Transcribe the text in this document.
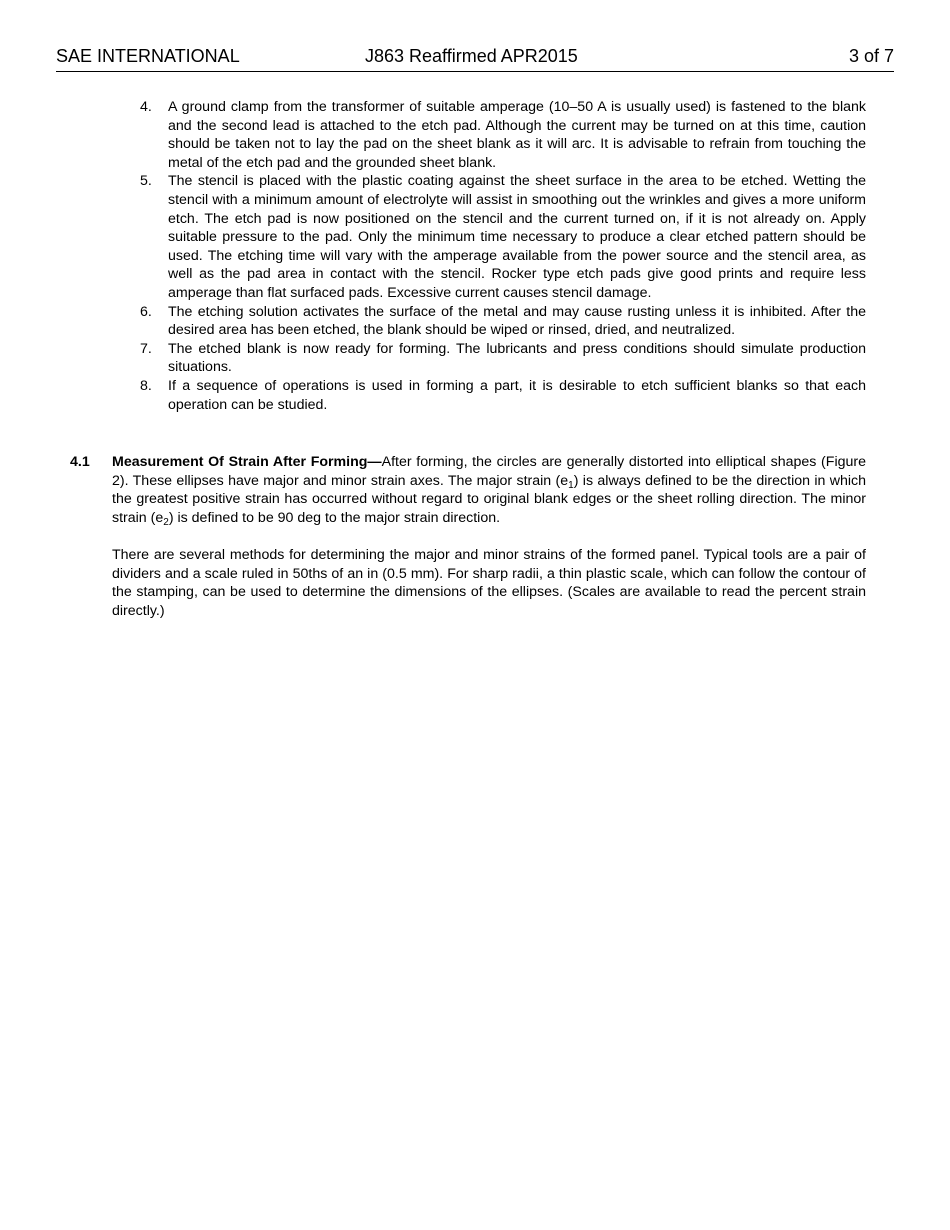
SAE INTERNATIONAL	J863 Reaffirmed APR2015	3 of 7
4. A ground clamp from the transformer of suitable amperage (10–50 A is usually used) is fastened to the blank and the second lead is attached to the etch pad. Although the current may be turned on at this time, caution should be taken not to lay the pad on the sheet blank as it will arc. It is advisable to refrain from touching the metal of the etch pad and the grounded sheet blank.
5. The stencil is placed with the plastic coating against the sheet surface in the area to be etched. Wetting the stencil with a minimum amount of electrolyte will assist in smoothing out the wrinkles and gives a more uniform etch. The etch pad is now positioned on the stencil and the current turned on, if it is not already on. Apply suitable pressure to the pad. Only the minimum time necessary to produce a clear etched pattern should be used. The etching time will vary with the amperage available from the power source and the stencil area, as well as the pad area in contact with the stencil. Rocker type etch pads give good prints and require less amperage than flat surfaced pads. Excessive current causes stencil damage.
6. The etching solution activates the surface of the metal and may cause rusting unless it is inhibited. After the desired area has been etched, the blank should be wiped or rinsed, dried, and neutralized.
7. The etched blank is now ready for forming. The lubricants and press conditions should simulate production situations.
8. If a sequence of operations is used in forming a part, it is desirable to etch sufficient blanks so that each operation can be studied.
4.1 Measurement Of Strain After Forming—After forming, the circles are generally distorted into elliptical shapes (Figure 2). These ellipses have major and minor strain axes. The major strain $(e_1)$ is always defined to be the direction in which the greatest positive strain has occurred without regard to original blank edges or the sheet rolling direction. The minor strain $(e_2)$ is defined to be 90 deg to the major strain direction.

There are several methods for determining the major and minor strains of the formed panel. Typical tools are a pair of dividers and a scale ruled in 50ths of an in (0.5 mm). For sharp radii, a thin plastic scale, which can follow the contour of the stamping, can be used to determine the dimensions of the ellipses. (Scales are available to read the percent strain directly.)
